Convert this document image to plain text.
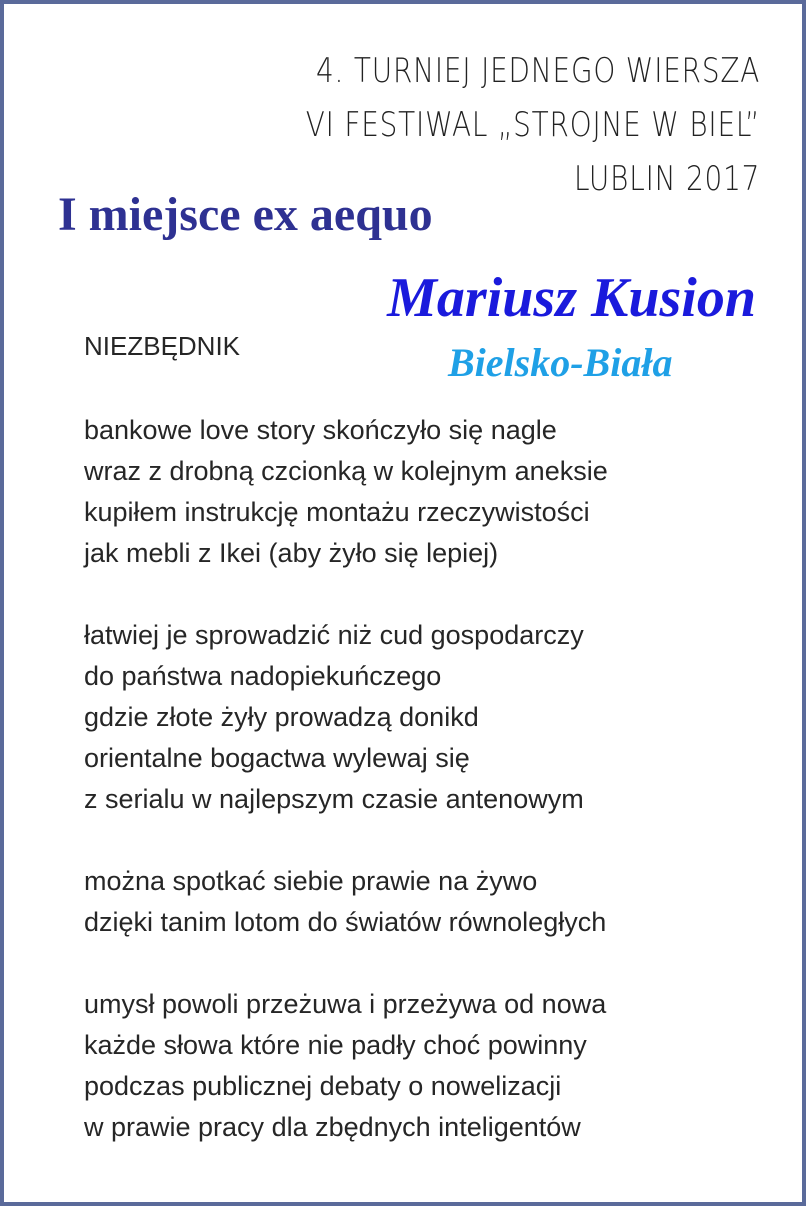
4. TURNIEJ JEDNEGO WIERSZA
VI FESTIWAL „STROJNE W BIEL”
LUBLIN 2017
I miejsce ex aequo
Mariusz Kusion
Bielsko-Biała
NIEZBĘDNIK
bankowe love story skończyło się nagle
wraz z drobną czcionką w kolejnym aneksie
kupiłem instrukcję montażu rzeczywistości
jak mebli z Ikei (aby żyło się lepiej)
łatwiej je sprowadzić niż cud gospodarczy
do państwa nadopiekuńczego
gdzie złote żyły prowadzą donikd
orientalne bogactwa wylewaj się
z serialu w najlepszym czasie antenowym
można spotkać siebie prawie na żywo
dzięki tanim lotom do światów równoległych
umysł powoli przeżuwa i przeżywa od nowa
każde słowa które nie padły choć powinny
podczas publicznej debaty o nowelizacji
w prawie pracy dla zbędnych inteligentów
